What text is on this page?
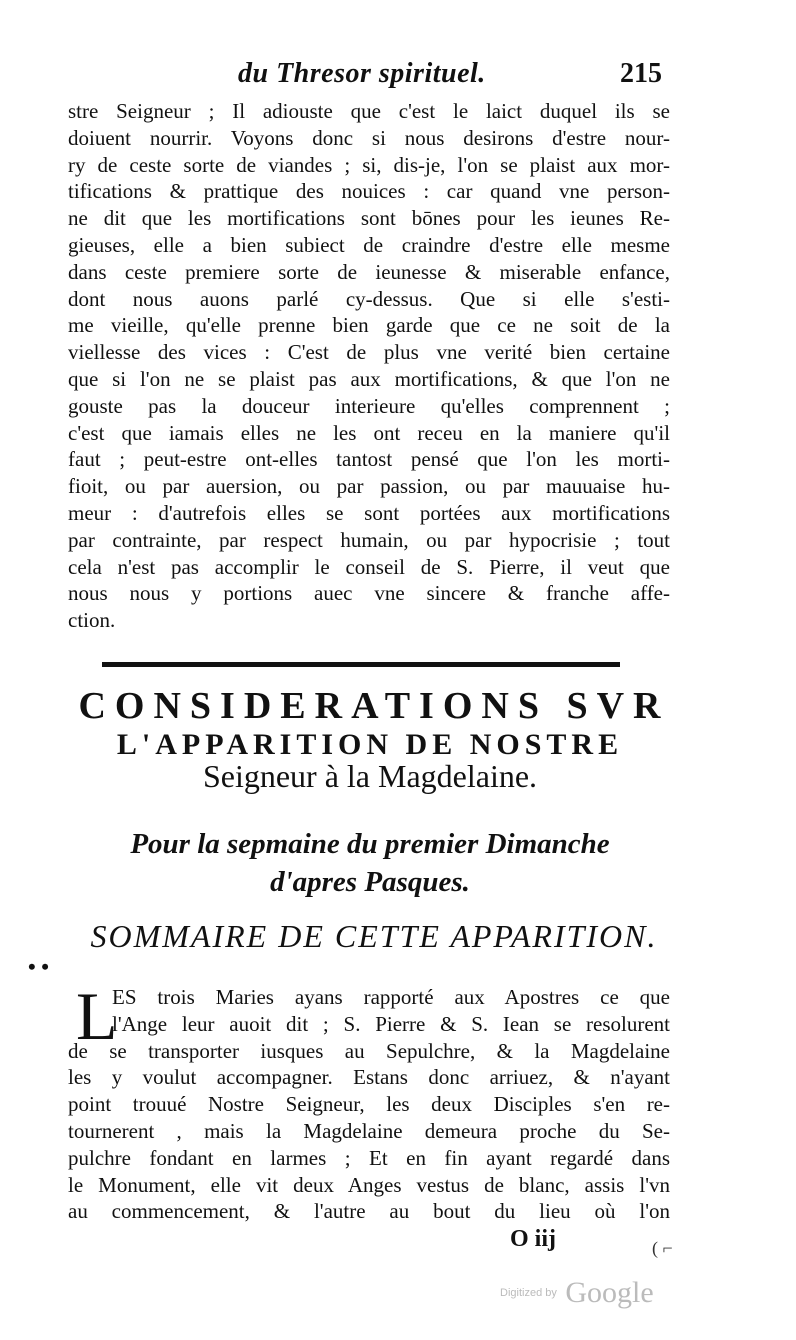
du Thresor spirituel.	215
stre Seigneur ; Il adiouste que c'est le laict duquel ils se
doiuent nourrir. Voyons donc si nous desirons d'estre nour-
ry de ceste sorte de viandes ; si, dis-je, l'on se plaist aux mor-
tifications & prattique des nouices : car quand vne person-
ne dit que les mortifications sont bōnes pour les ieunes Re-
gieuses, elle a bien subiect de craindre d'estre elle mesme
dans ceste premiere sorte de ieunesse & miserable enfance,
dont nous auons parlé cy-dessus. Que si elle s'esti-
me vieille, qu'elle prenne bien garde que ce ne soit de la
viellesse des vices : C'est de plus vne verité bien certaine
que si l'on ne se plaist pas aux mortifications, & que l'on ne
gouste pas la douceur interieure qu'elles comprennent ;
c'est que iamais elles ne les ont receu en la maniere qu'il
faut ; peut-estre ont-elles tantost pensé que l'on les morti-
fioit, ou par auersion, ou par passion, ou par mauuaise hu-
meur : d'autrefois elles se sont portées aux mortifications
par contrainte, par respect humain, ou par hypocrisie ; tout
cela n'est pas accomplir le conseil de S. Pierre, il veut que
nous nous y portions auec vne sincere & franche affe-
ction.
CONSIDERATIONS SVR
L'APPARITION DE NOSTRE
Seigneur à la Magdelaine.
Pour la sepmaine du premier Dimanche
d'apres Pasques.
SOMMAIRE DE CETTE APPARITION.
• •
L
ES trois Maries ayans rapporté aux Apostres ce que
l'Ange leur auoit dit ; S. Pierre & S. Iean se resolurent
de se transporter iusques au Sepulchre, & la Magdelaine
les y voulut accompagner. Estans donc arriuez, & n'ayant
point trouué Nostre Seigneur, les deux Disciples s'en re-
tournerent , mais la Magdelaine demeura proche du Se-
pulchre fondant en larmes ; Et en fin ayant regardé dans
le Monument, elle vit deux Anges vestus de blanc, assis l'vn
au commencement, & l'autre au bout du lieu où l'on
O iij	( ⌐
Digitized by Google
